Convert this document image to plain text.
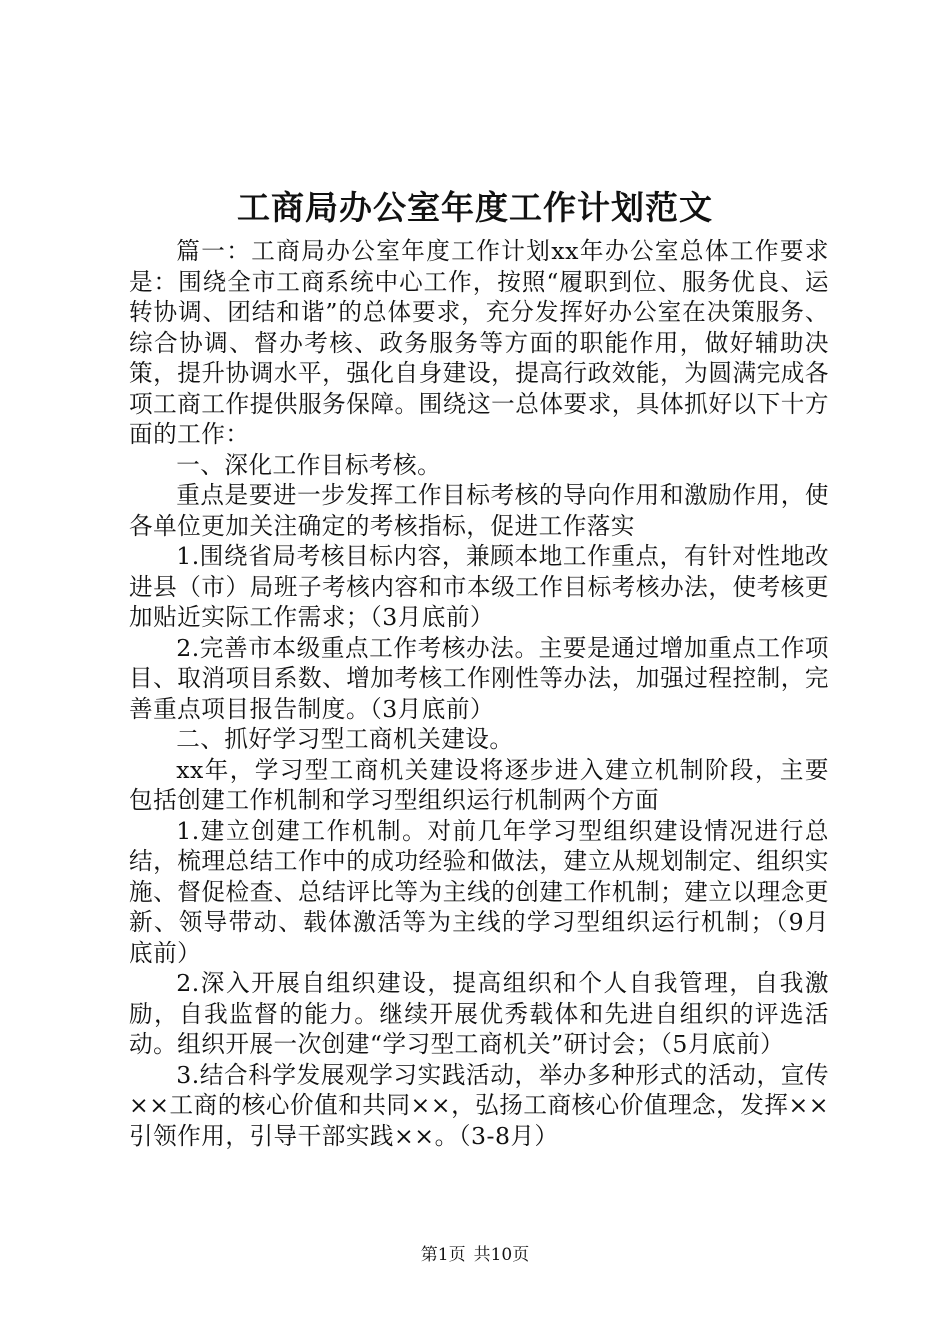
工商局办公室年度工作计划范文

篇一：工商局办公室年度工作计划xx年办公室总体工作要求是：围绕全市工商系统中心工作，按照“履职到位、服务优良、运转协调、团结和谐”的总体要求，充分发挥好办公室在决策服务、综合协调、督办考核、政务服务等方面的职能作用，做好辅助决策，提升协调水平，强化自身建设，提高行政效能，为圆满完成各项工商工作提供服务保障。围绕这一总体要求，具体抓好以下十方面的工作：

一、深化工作目标考核。

重点是要进一步发挥工作目标考核的导向作用和激励作用，使各单位更加关注确定的考核指标，促进工作落实

1.围绕省局考核目标内容，兼顾本地工作重点，有针对性地改进县（市）局班子考核内容和市本级工作目标考核办法，使考核更加贴近实际工作需求；（3月底前）

2.完善市本级重点工作考核办法。主要是通过增加重点工作项目、取消项目系数、增加考核工作刚性等办法，加强过程控制，完善重点项目报告制度。（3月底前）

二、抓好学习型工商机关建设。

xx年，学习型工商机关建设将逐步进入建立机制阶段，主要包括创建工作机制和学习型组织运行机制两个方面

1.建立创建工作机制。对前几年学习型组织建设情况进行总结，梳理总结工作中的成功经验和做法，建立从规划制定、组织实施、督促检查、总结评比等为主线的创建工作机制；建立以理念更新、领导带动、载体激活等为主线的学习型组织运行机制；（9月底前）

2.深入开展自组织建设，提高组织和个人自我管理，自我激励，自我监督的能力。继续开展优秀载体和先进自组织的评选活动。组织开展一次创建“学习型工商机关”研讨会；（5月底前）

3.结合科学发展观学习实践活动，举办多种形式的活动，宣传××工商的核心价值和共同××，弘扬工商核心价值理念，发挥××引领作用，引导干部实践××。（3-8月）

第1页 共10页
